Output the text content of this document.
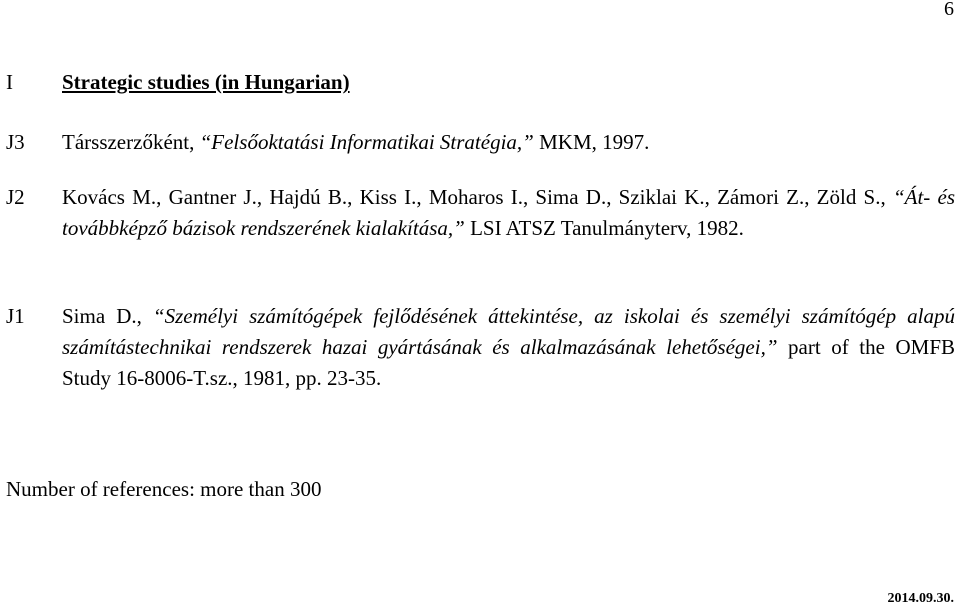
6
I Strategic studies (in Hungarian)
J3 Társszerzőként, “Felsőoktatási Informatikai Stratégia,” MKM, 1997.
J2 Kovács M., Gantner J., Hajdú B., Kiss I., Moharos I., Sima D., Sziklai K., Zámori Z., Zöld S., “Át- és továbbképző bázisok rendszerének kialakítása,” LSI ATSZ Tanulmányterv, 1982.
J1 Sima D., “Személyi számítógépek fejlődésének áttekintése, az iskolai és személyi számítógép alapú számítástechnikai rendszerek hazai gyártásának és alkalmazásának lehetőségei,” part of the OMFB Study 16-8006-T.sz., 1981, pp. 23-35.
Number of references: more than 300
2014.09.30.
